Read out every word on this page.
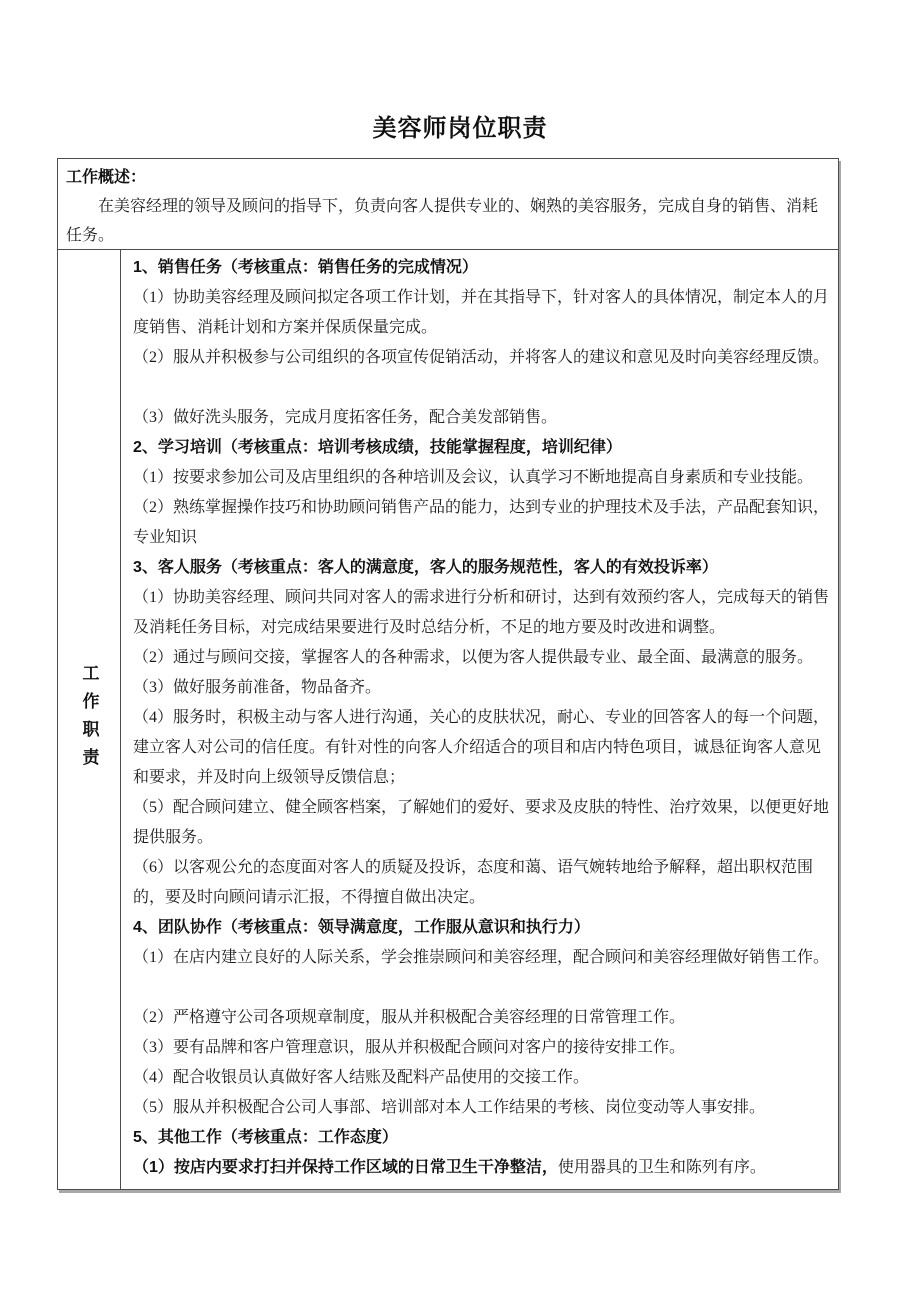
美容师岗位职责
工作概述：
在美容经理的领导及顾问的指导下，负责向客人提供专业的、娴熟的美容服务，完成自身的销售、消耗任务。
工作职责

1、销售任务（考核重点：销售任务的完成情况）

（1）协助美容经理及顾问拟定各项工作计划，并在其指导下，针对客人的具体情况，制定本人的月度销售、消耗计划和方案并保质保量完成。

（2）服从并积极参与公司组织的各项宣传促销活动，并将客人的建议和意见及时向美容经理反馈。

（3）做好洗头服务，完成月度拓客任务，配合美发部销售。

2、学习培训（考核重点：培训考核成绩，技能掌握程度，培训纪律）

（1）按要求参加公司及店里组织的各种培训及会议，认真学习不断地提高自身素质和专业技能。

（2）熟练掌握操作技巧和协助顾问销售产品的能力，达到专业的护理技术及手法，产品配套知识，专业知识

3、客人服务（考核重点：客人的满意度，客人的服务规范性，客人的有效投诉率）

（1）协助美容经理、顾问共同对客人的需求进行分析和研讨，达到有效预约客人，完成每天的销售及消耗任务目标，对完成结果要进行及时总结分析，不足的地方要及时改进和调整。

（2）通过与顾问交接，掌握客人的各种需求，以便为客人提供最专业、最全面、最满意的服务。

（3）做好服务前准备，物品备齐。

（4）服务时，积极主动与客人进行沟通，关心的皮肤状况，耐心、专业的回答客人的每一个问题，建立客人对公司的信任度。有针对性的向客人介绍适合的项目和店内特色项目，诚恳征询客人意见和要求，并及时向上级领导反馈信息；

（5）配合顾问建立、健全顾客档案，了解她们的爱好、要求及皮肤的特性、治疗效果，以便更好地提供服务。

（6）以客观公允的态度面对客人的质疑及投诉，态度和蔼、语气婉转地给予解释，超出职权范围的，要及时向顾问请示汇报，不得擅自做出决定。

4、团队协作（考核重点：领导满意度，工作服从意识和执行力）

（1）在店内建立良好的人际关系，学会推崇顾问和美容经理，配合顾问和美容经理做好销售工作。

（2）严格遵守公司各项规章制度，服从并积极配合美容经理的日常管理工作。

（3）要有品牌和客户管理意识，服从并积极配合顾问对客户的接待安排工作。

（4）配合收银员认真做好客人结账及配料产品使用的交接工作。

（5）服从并积极配合公司人事部、培训部对本人工作结果的考核、岗位变动等人事安排。

5、其他工作（考核重点：工作态度）

（1）按店内要求打扫并保持工作区域的日常卫生干净整洁，使用器具的卫生和陈列有序。
